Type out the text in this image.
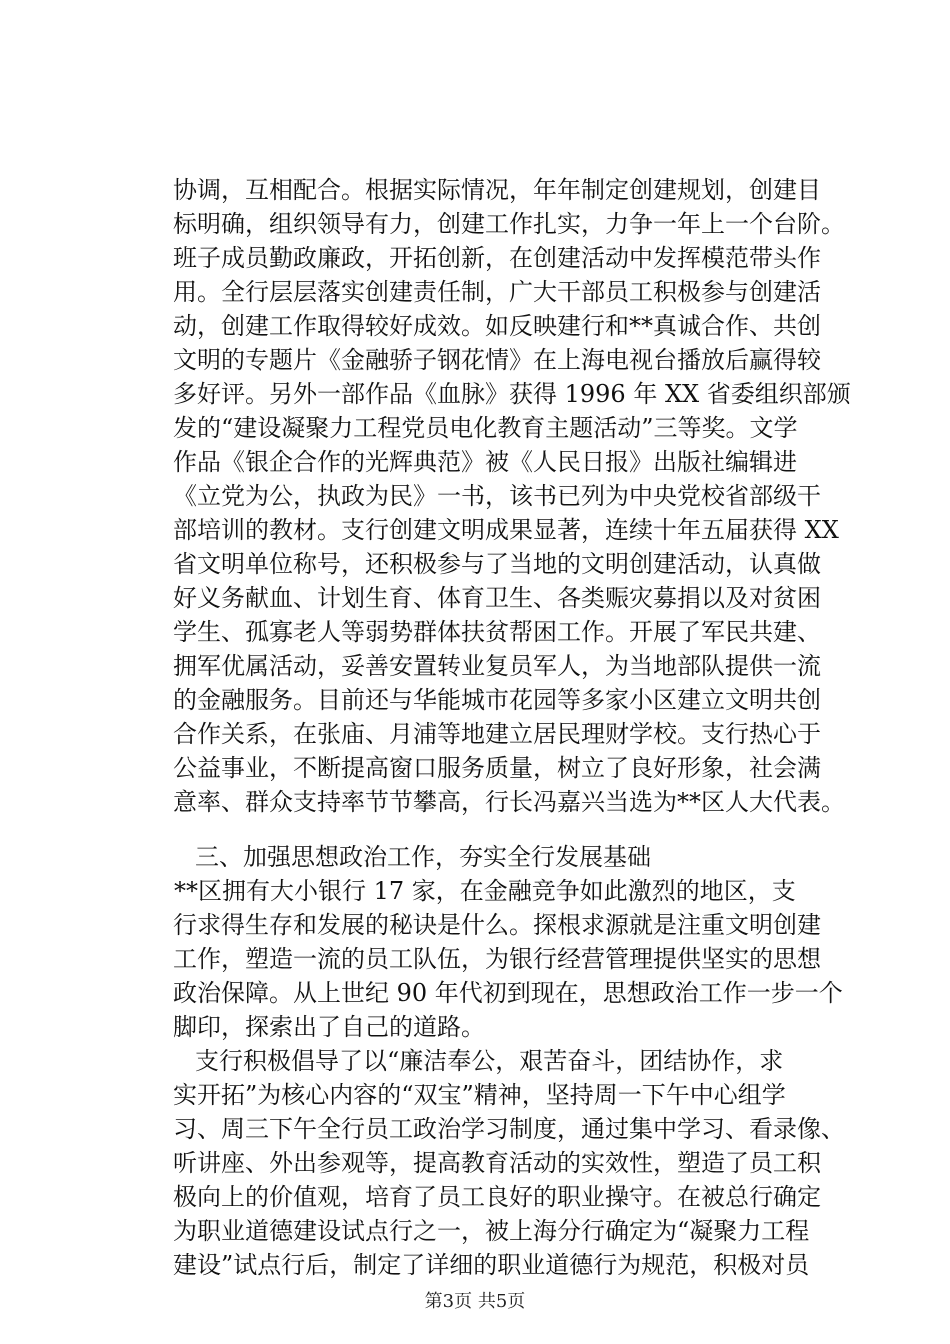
协调，互相配合。根据实际情况，年年制定创建规划，创建目
标明确，组织领导有力，创建工作扎实，力争一年上一个台阶。
班子成员勤政廉政，开拓创新，在创建活动中发挥模范带头作
用。全行层层落实创建责任制，广大干部员工积极参与创建活
动，创建工作取得较好成效。如反映建行和**真诚合作、共创
文明的专题片《金融骄子钢花情》在上海电视台播放后赢得较
多好评。另外一部作品《血脉》获得 1996 年 XX 省委组织部颁
发的“建设凝聚力工程党员电化教育主题活动”三等奖。文学
作品《银企合作的光辉典范》被《人民日报》出版社编辑进
《立党为公，执政为民》一书，该书已列为中央党校省部级干
部培训的教材。支行创建文明成果显著，连续十年五届获得 XX
省文明单位称号，还积极参与了当地的文明创建活动，认真做
好义务献血、计划生育、体育卫生、各类赈灾募捐以及对贫困
学生、孤寡老人等弱势群体扶贫帮困工作。开展了军民共建、
拥军优属活动，妥善安置转业复员军人，为当地部队提供一流
的金融服务。目前还与华能城市花园等多家小区建立文明共创
合作关系，在张庙、月浦等地建立居民理财学校。支行热心于
公益事业，不断提高窗口服务质量，树立了良好形象，社会满
意率、群众支持率节节攀高，行长冯嘉兴当选为**区人大代表。
三、加强思想政治工作，夯实全行发展基础
**区拥有大小银行 17 家，在金融竞争如此激烈的地区，支
行求得生存和发展的秘诀是什么。探根求源就是注重文明创建
工作，塑造一流的员工队伍，为银行经营管理提供坚实的思想
政治保障。从上世纪 90 年代初到现在，思想政治工作一步一个
脚印，探索出了自己的道路。
支行积极倡导了以“廉洁奉公，艰苦奋斗，团结协作，求
实开拓”为核心内容的“双宝”精神，坚持周一下午中心组学
习、周三下午全行员工政治学习制度，通过集中学习、看录像、
听讲座、外出参观等，提高教育活动的实效性，塑造了员工积
极向上的价值观，培育了员工良好的职业操守。在被总行确定
为职业道德建设试点行之一，被上海分行确定为“凝聚力工程
建设”试点行后，制定了详细的职业道德行为规范，积极对员
第3页 共5页
